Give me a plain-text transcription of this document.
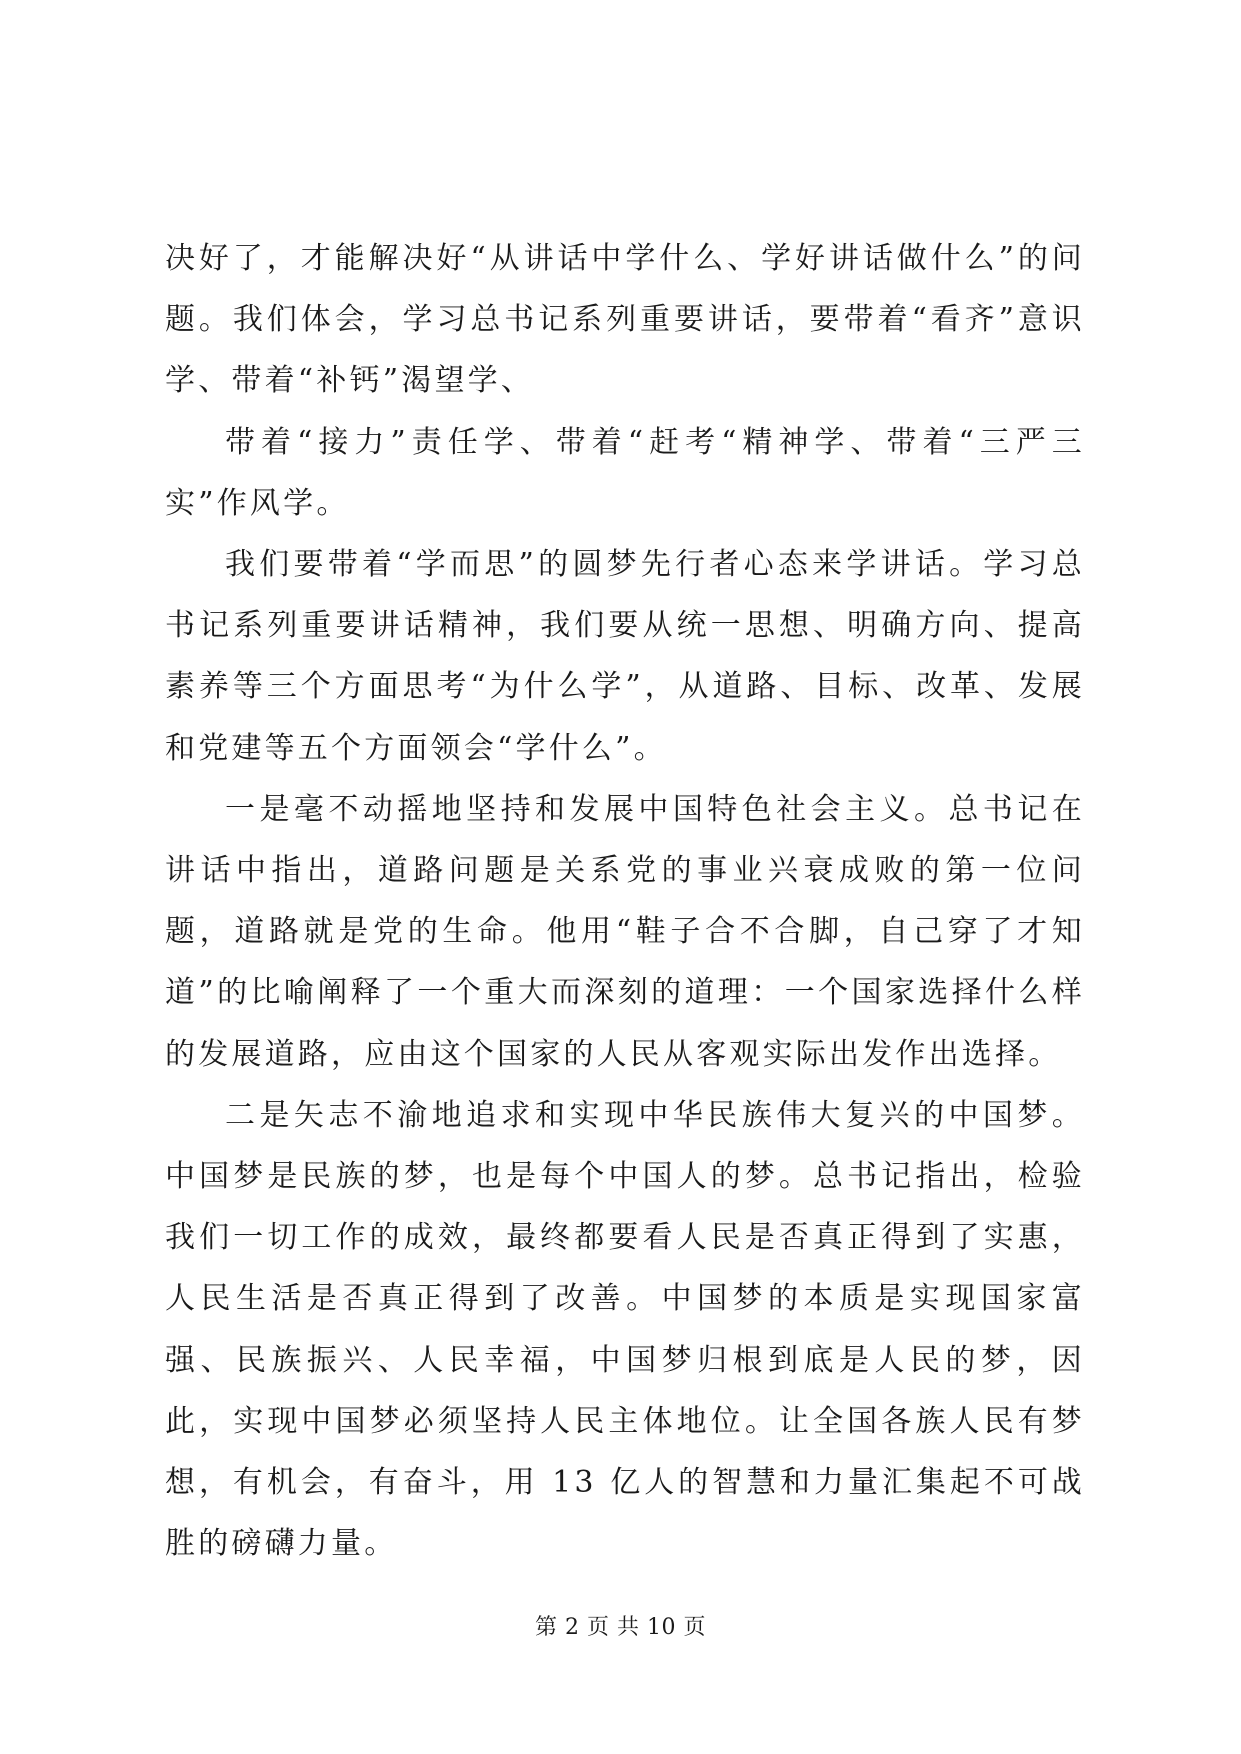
决好了，才能解决好“从讲话中学什么、学好讲话做什么”的问题。我们体会，学习总书记系列重要讲话，要带着“看齐”意识学、带着“补钙”渴望学、

带着“接力”责任学、带着“赶考“精神学、带着“三严三实”作风学。

我们要带着“学而思”的圆梦先行者心态来学讲话。学习总书记系列重要讲话精神，我们要从统一思想、明确方向、提高素养等三个方面思考“为什么学”，从道路、目标、改革、发展和党建等五个方面领会“学什么”。

一是毫不动摇地坚持和发展中国特色社会主义。总书记在讲话中指出，道路问题是关系党的事业兴衰成败的第一位问题，道路就是党的生命。他用“鞋子合不合脚，自己穿了才知道”的比喻阐释了一个重大而深刻的道理：一个国家选择什么样的发展道路，应由这个国家的人民从客观实际出发作出选择。

二是矢志不渝地追求和实现中华民族伟大复兴的中国梦。中国梦是民族的梦，也是每个中国人的梦。总书记指出，检验我们一切工作的成效，最终都要看人民是否真正得到了实惠，人民生活是否真正得到了改善。中国梦的本质是实现国家富强、民族振兴、人民幸福，中国梦归根到底是人民的梦，因此，实现中国梦必须坚持人民主体地位。让全国各族人民有梦想，有机会，有奋斗，用 13 亿人的智慧和力量汇集起不可战胜的磅礴力量。

第 2 页 共 10 页
